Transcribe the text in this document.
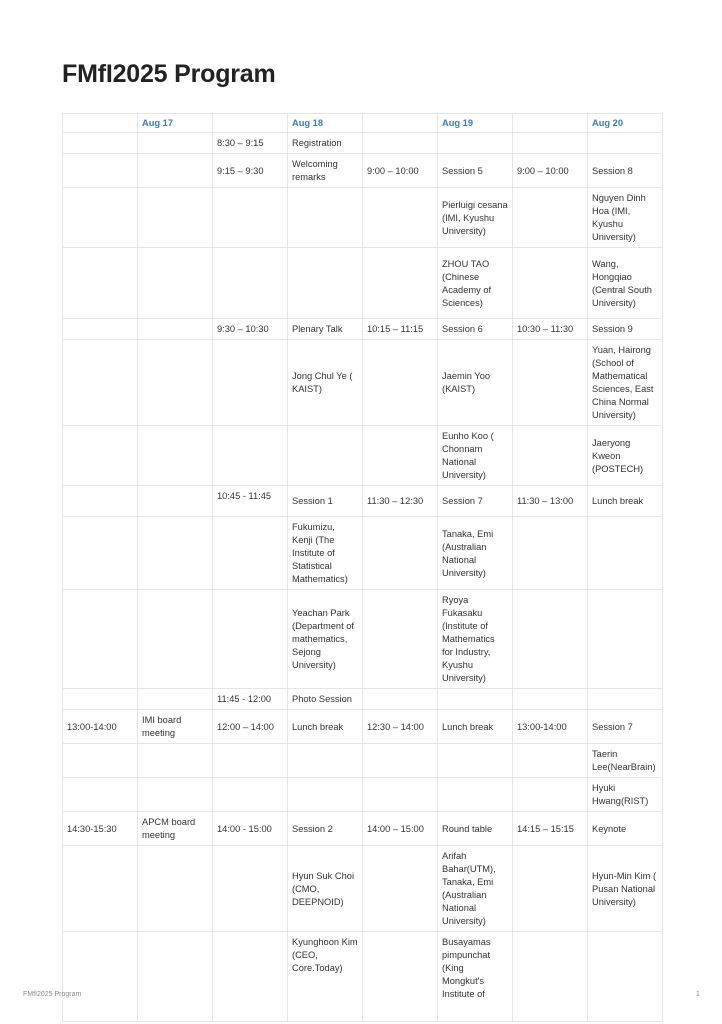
FMfI2025 Program
	Aug 17		Aug 18		Aug 19		Aug 20
		8:30 – 9:15	Registration				
		9:15 – 9:30	Welcoming remarks	9:00 – 10:00	Session 5	9:00 – 10:00	Session 8
					Pierluigi cesana (IMI, Kyushu University)		Nguyen Dinh Hoa (IMI, Kyushu University)
					ZHOU TAO (Chinese Academy of Sciences)		Wang, Hongqiao (Central South University)
		9:30 – 10:30	Plenary Talk	10:15 – 11:15	Session 6	10:30 – 11:30	Session 9
			Jong Chul Ye ( KAIST)		Jaemin Yoo (KAIST)		Yuan, Hairong (School of Mathematical Sciences, East China Normal University)
					Eunho Koo ( Chonnam National University)		Jaeryong Kweon (POSTECH)
		10:45 - 11:45	Session 1	11:30 – 12:30	Session 7	11:30 – 13:00	Lunch break
			Fukumizu, Kenji (The Institute of Statistical Mathematics)		Tanaka, Emi (Australian National University)		
			Yeachan Park (Department of mathematics, Sejong University)		Ryoya Fukasaku (Institute of Mathematics for Industry, Kyushu University)		
		11:45 - 12:00	Photo Session				
13:00-14:00	IMI board meeting	12:00 – 14:00	Lunch break	12:30 – 14:00	Lunch break	13:00-14:00	Session 7
							Taerin Lee(NearBrain)
							Hyuki Hwang(RIST)
14:30-15:30	APCM board meeting	14:00 - 15:00	Session 2	14:00 – 15:00	Round table	14:15 – 15:15	Keynote
			Hyun Suk Choi (CMO, DEEPNOID)		Arifah Bahar(UTM), Tanaka, Emi (Australian National University)		Hyun-Min Kim ( Pusan National University)
			Kyunghoon Kim (CEO, Core.Today)		Busayamas pimpunchat (King Mongkut's Institute of		
FMfI2025 Program	1
